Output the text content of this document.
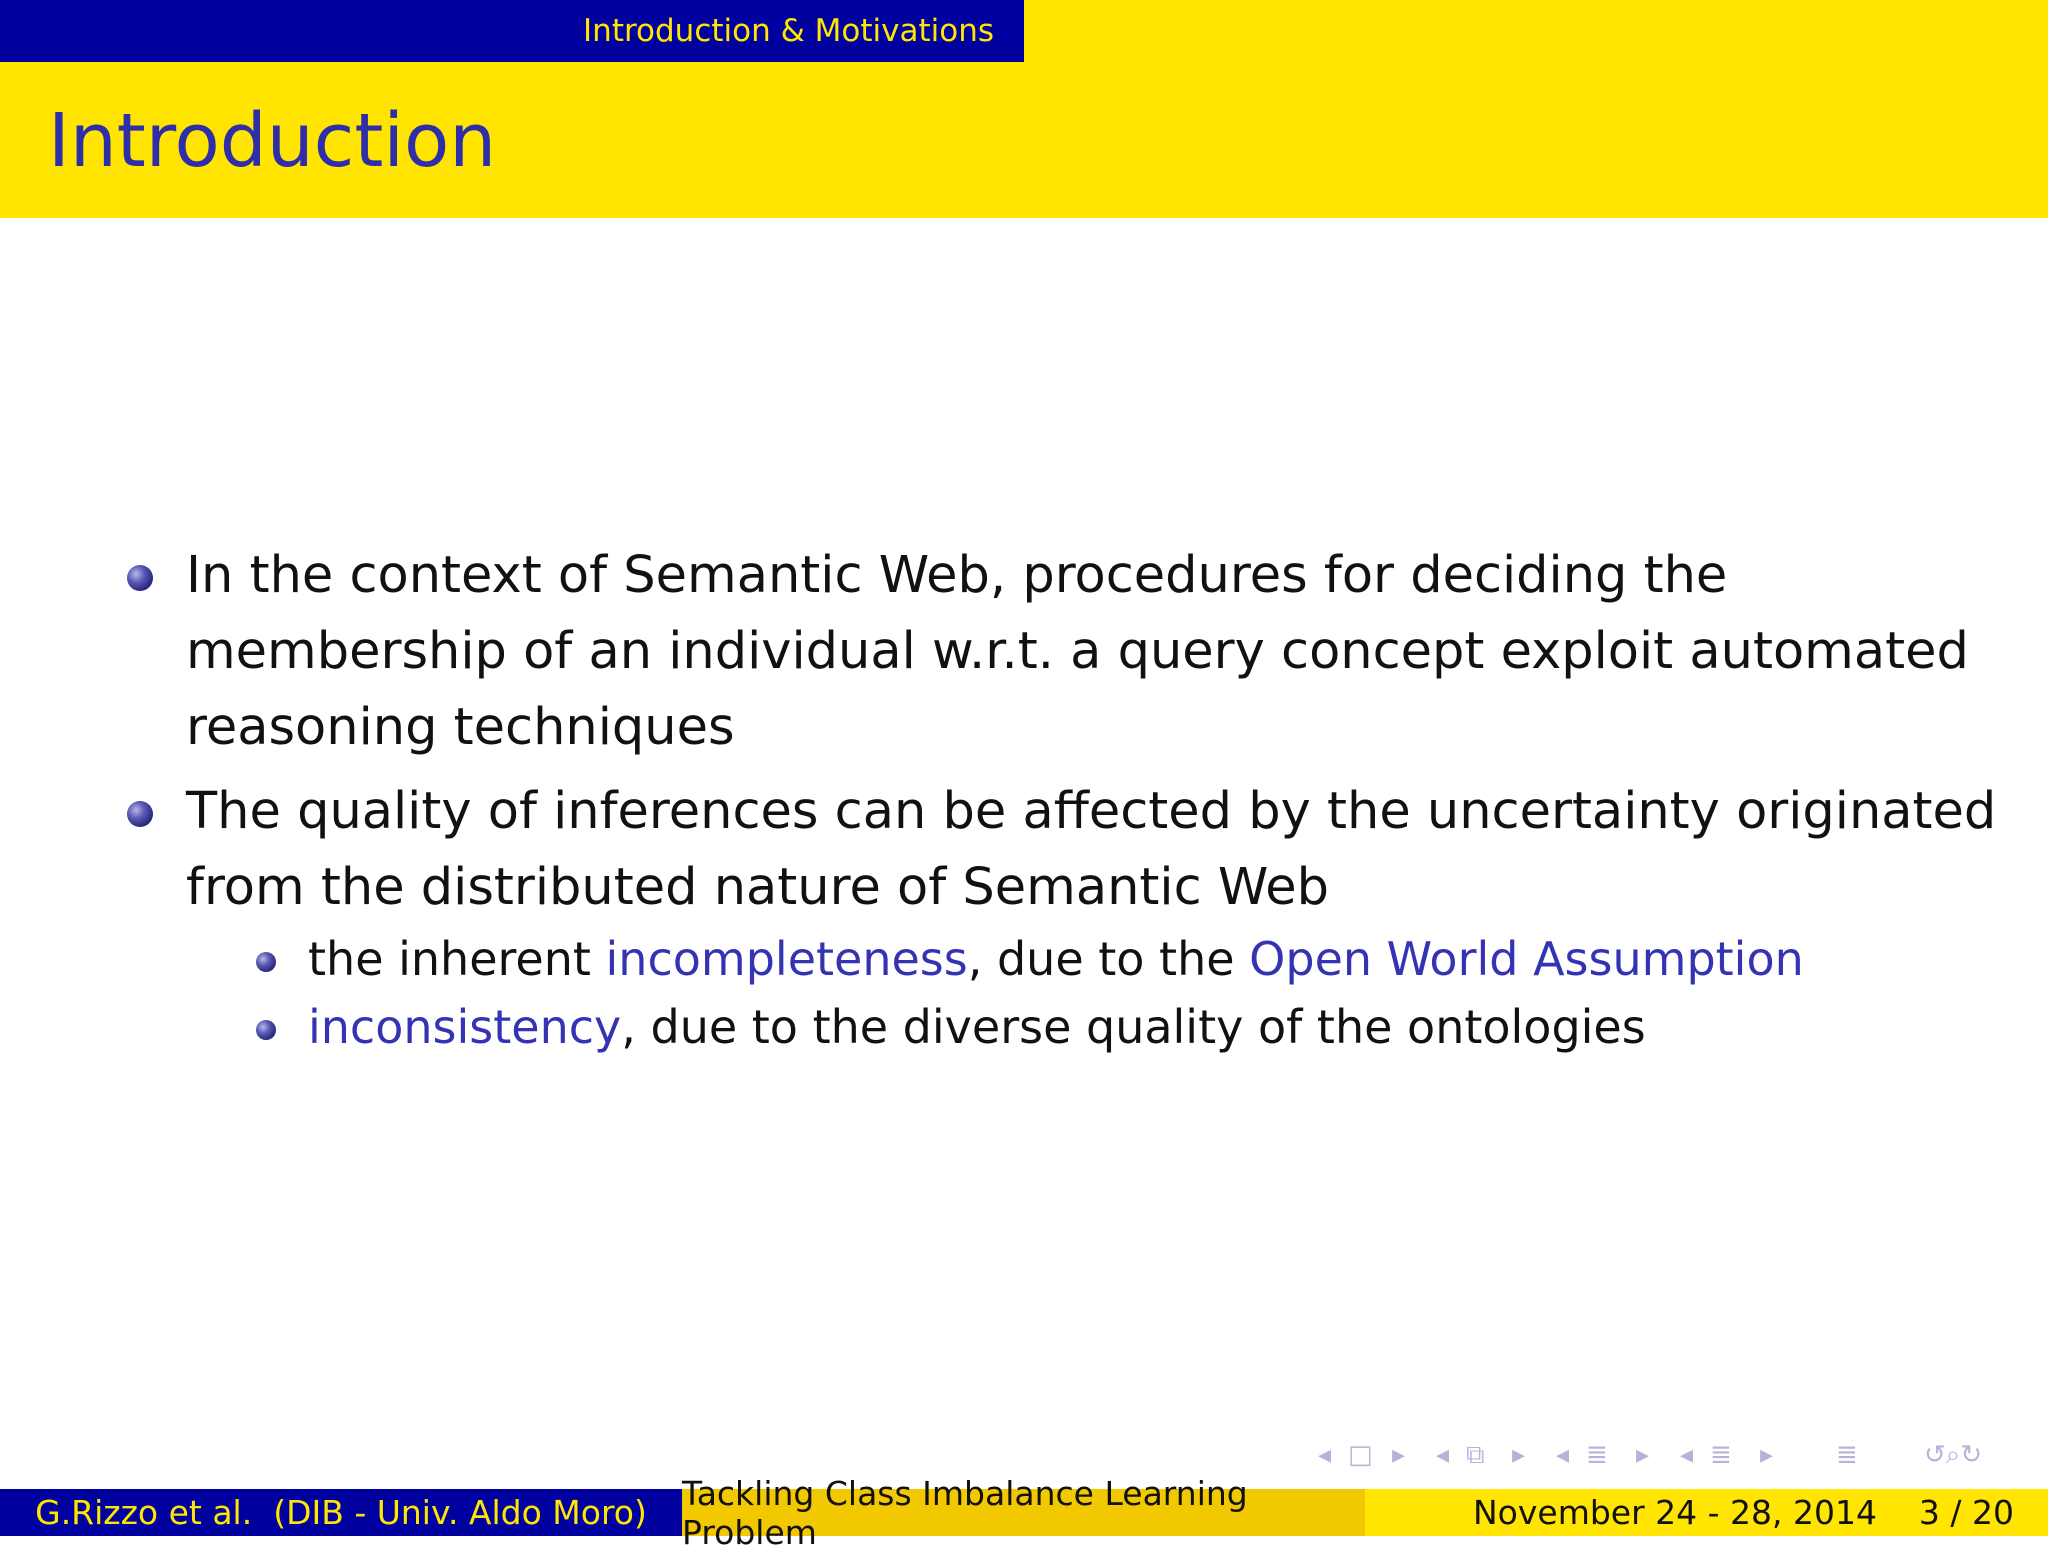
Introduction & Motivations
Introduction
In the context of Semantic Web, procedures for deciding the membership of an individual w.r.t. a query concept exploit automated reasoning techniques
The quality of inferences can be affected by the uncertainty originated from the distributed nature of Semantic Web
the inherent incompleteness, due to the Open World Assumption
inconsistency, due to the diverse quality of the ontologies
◂ □ ▸ ◂ ⧉ ▸ ◂ ≣ ▸ ◂ ≣ ▸ ≣	↺⌕↻
G.Rizzo et al.  (DIB - Univ. Aldo Moro) Tackling Class Imbalance Learning Problem	November 24 - 28, 2014 3 / 20
